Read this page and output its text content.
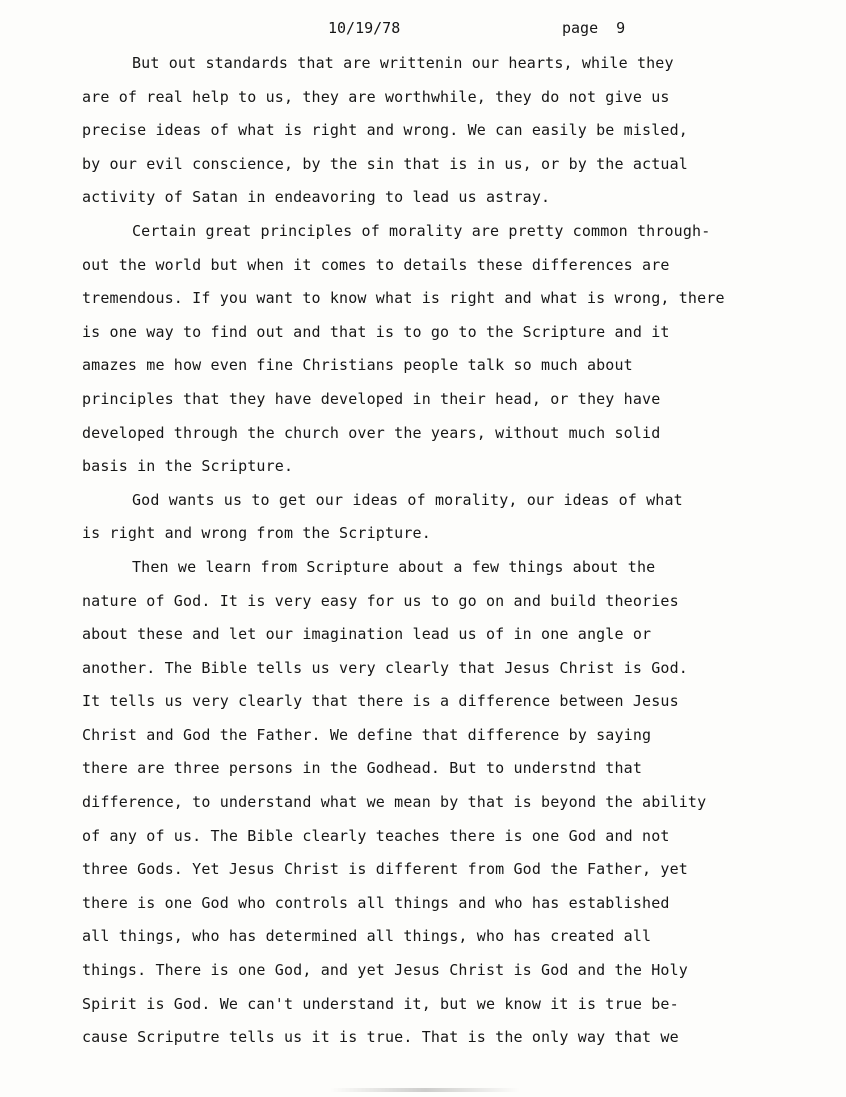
10/19/78	page  9
But out standards that are writtenin our hearts, while they
are of real help to us, they are worthwhile, they do not give us
precise ideas of what is right and wrong. We can easily be misled,
by our evil conscience, by the sin that is in us, or by the actual
activity of Satan in endeavoring to lead us astray.
Certain great principles of morality are pretty common through-
out the world but when it comes to details these differences are
tremendous. If you want to know what is right and what is wrong, there
is one way to find out and that is to go to the Scripture and it
amazes me how even fine Christians people talk so much about
principles that they have developed in their head, or they have
developed through the church over the years, without much solid
basis in the Scripture.
God wants us to get our ideas of morality, our ideas of what
is right and wrong from the Scripture.
Then we learn from Scripture about a few things about the
nature of God. It is very easy for us to go on and build theories
about these and let our imagination lead us of in one angle or
another. The Bible tells us very clearly that Jesus Christ is God.
It tells us very clearly that there is a difference between Jesus
Christ and God the Father. We define that difference by saying
there are three persons in the Godhead. But to understnd that
difference, to understand what we mean by that is beyond the ability
of any of us. The Bible clearly teaches there is one God and not
three Gods. Yet Jesus Christ is different from God the Father, yet
there is one God who controls all things and who has established
all things, who has determined all things, who has created all
things. There is one God, and yet Jesus Christ is God and the Holy
Spirit is God. We can't understand it, but we know it is true be-
cause Scriputre tells us it is true. That is the only way that we
